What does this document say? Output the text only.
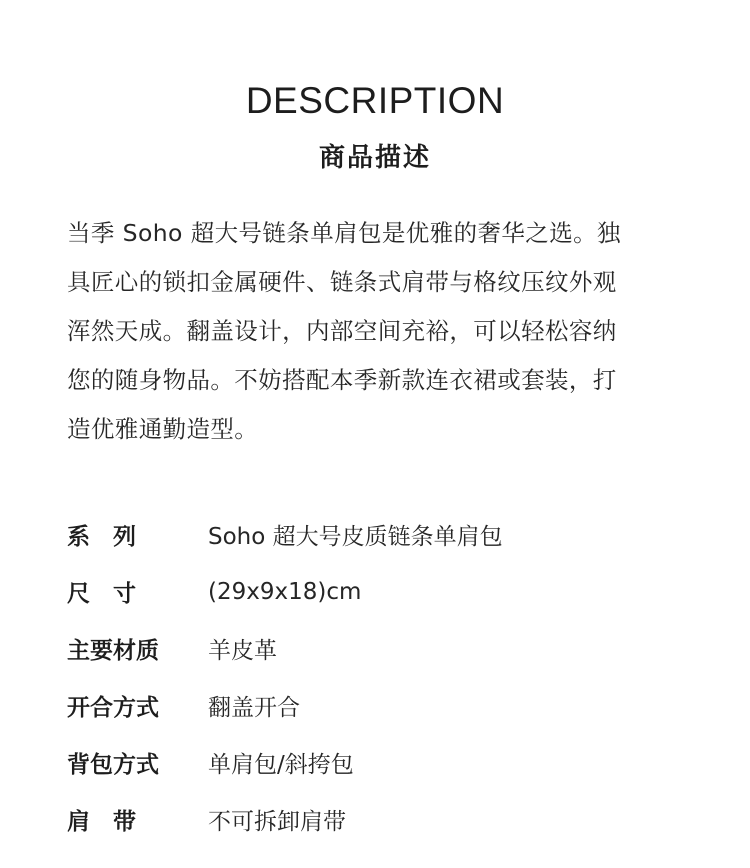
DESCRIPTION
商品描述

当季 Soho 超大号链条单肩包是优雅的奢华之选。独
具匠心的锁扣金属硬件、链条式肩带与格纹压纹外观
浑然天成。翻盖设计，内部空间充裕，可以轻松容纳
您的随身物品。不妨搭配本季新款连衣裙或套装，打
造优雅通勤造型。

系　列	Soho 超大号皮质链条单肩包
尺　寸	(29x9x18)cm
主要材质	羊皮革
开合方式	翻盖开合
背包方式	单肩包/斜挎包
肩　带	不可拆卸肩带
